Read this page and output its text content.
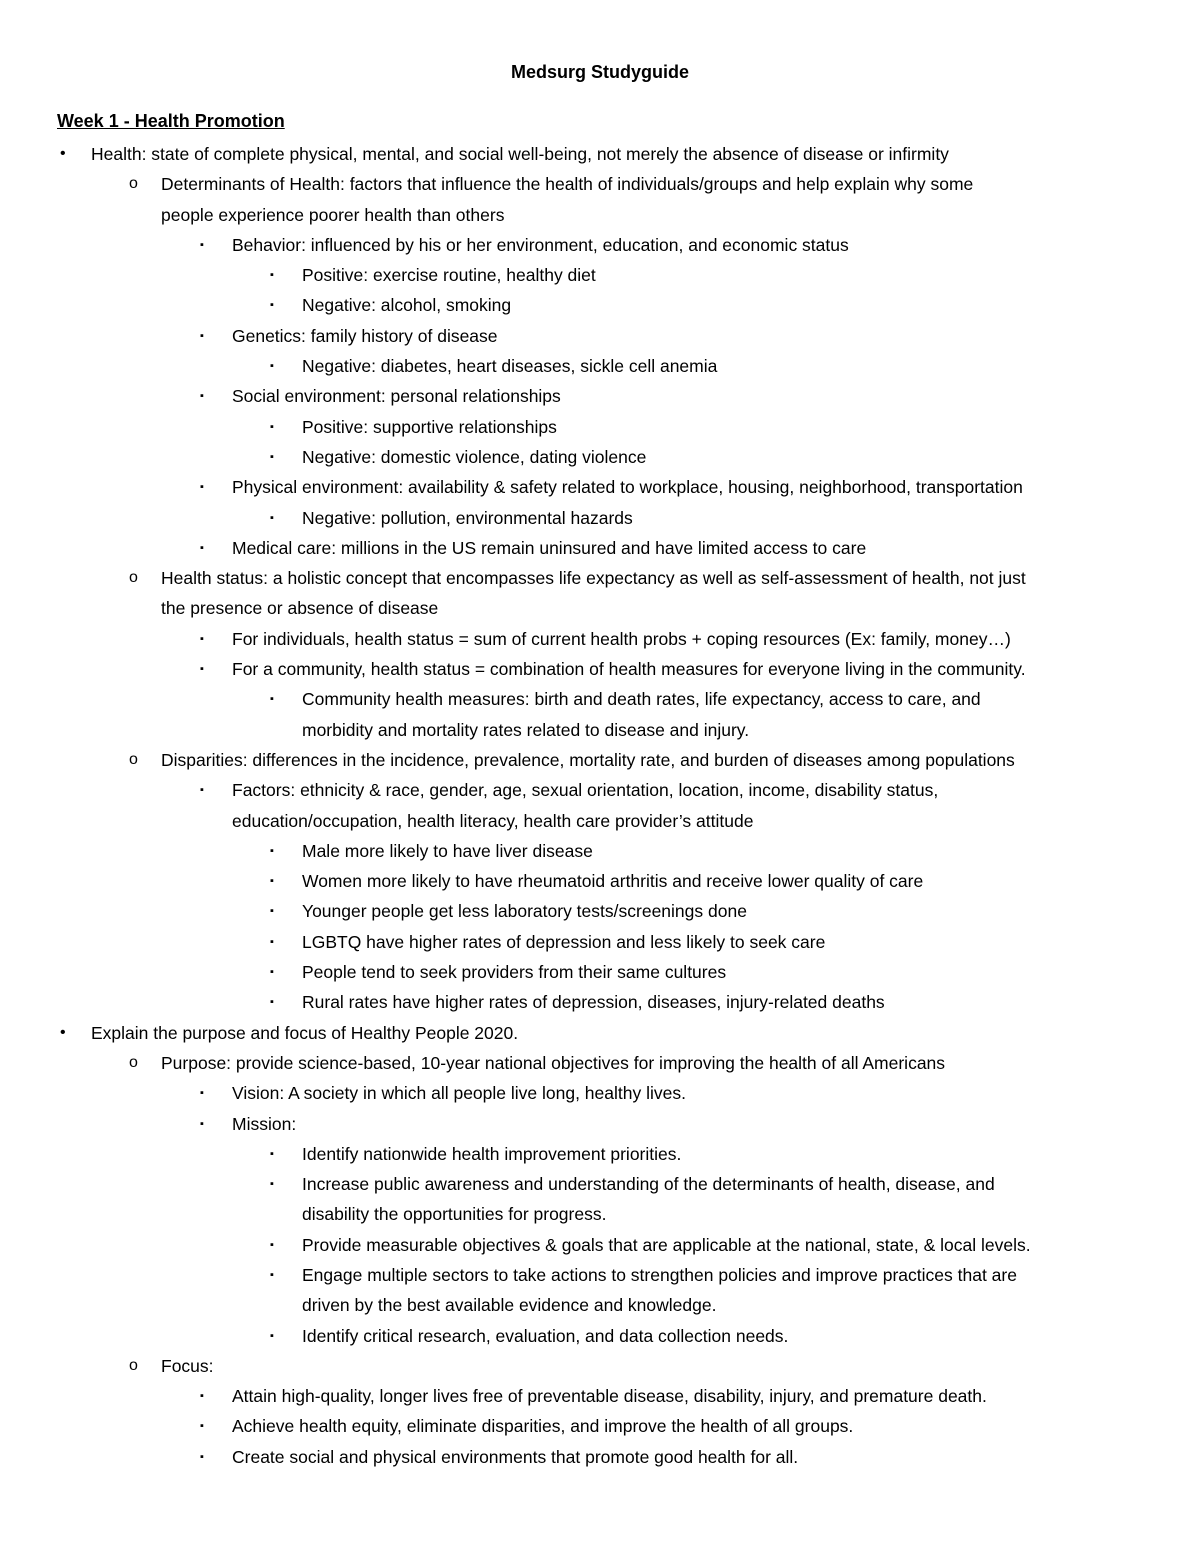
Medsurg Studyguide
Week 1 - Health Promotion
• Health: state of complete physical, mental, and social well-being, not merely the absence of disease or infirmity
o Determinants of Health: factors that influence the health of individuals/groups and help explain why some
people experience poorer health than others
▪ Behavior: influenced by his or her environment, education, and economic status
▪ Positive: exercise routine, healthy diet
▪ Negative: alcohol, smoking
▪ Genetics: family history of disease
▪ Negative: diabetes, heart diseases, sickle cell anemia
▪ Social environment: personal relationships
▪ Positive: supportive relationships
▪ Negative: domestic violence, dating violence
▪ Physical environment: availability & safety related to workplace, housing, neighborhood, transportation
▪ Negative: pollution, environmental hazards
▪ Medical care: millions in the US remain uninsured and have limited access to care
o Health status: a holistic concept that encompasses life expectancy as well as self-assessment of health, not just
the presence or absence of disease
▪ For individuals, health status = sum of current health probs + coping resources (Ex: family, money…)
▪ For a community, health status = combination of health measures for everyone living in the community.
▪ Community health measures: birth and death rates, life expectancy, access to care, and
morbidity and mortality rates related to disease and injury.
o Disparities: differences in the incidence, prevalence, mortality rate, and burden of diseases among populations
▪ Factors: ethnicity & race, gender, age, sexual orientation, location, income, disability status,
education/occupation, health literacy, health care provider’s attitude
▪ Male more likely to have liver disease
▪ Women more likely to have rheumatoid arthritis and receive lower quality of care
▪ Younger people get less laboratory tests/screenings done
▪ LGBTQ have higher rates of depression and less likely to seek care
▪ People tend to seek providers from their same cultures
▪ Rural rates have higher rates of depression, diseases, injury-related deaths
• Explain the purpose and focus of Healthy People 2020.
o Purpose: provide science-based, 10-year national objectives for improving the health of all Americans
▪ Vision: A society in which all people live long, healthy lives.
▪ Mission:
▪ Identify nationwide health improvement priorities.
▪ Increase public awareness and understanding of the determinants of health, disease, and
disability the opportunities for progress.
▪ Provide measurable objectives & goals that are applicable at the national, state, & local levels.
▪ Engage multiple sectors to take actions to strengthen policies and improve practices that are
driven by the best available evidence and knowledge.
▪ Identify critical research, evaluation, and data collection needs.
o Focus:
▪ Attain high-quality, longer lives free of preventable disease, disability, injury, and premature death.
▪ Achieve health equity, eliminate disparities, and improve the health of all groups.
▪ Create social and physical environments that promote good health for all.
